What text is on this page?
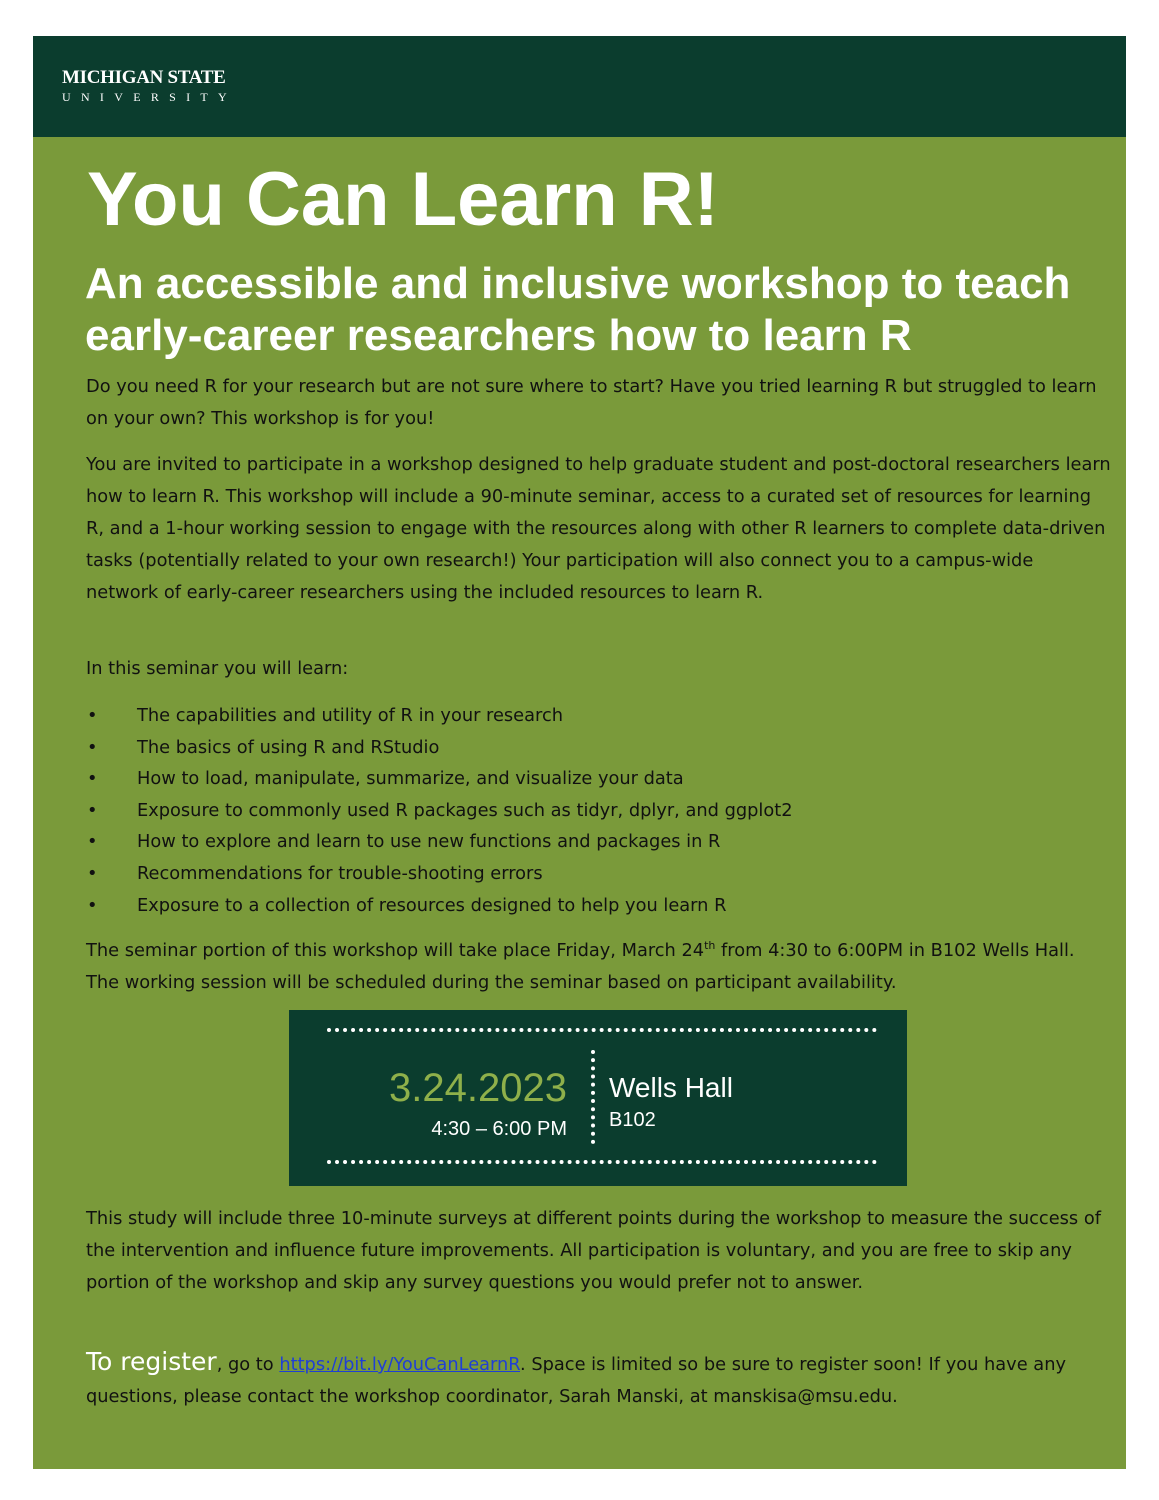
MICHIGAN STATE
UNIVERSITY
You Can Learn R!
An accessible and inclusive workshop to teach early-career researchers how to learn R

Do you need R for your research but are not sure where to start? Have you tried learning R but struggled to learn on your own? This workshop is for you!

You are invited to participate in a workshop designed to help graduate student and post-doctoral researchers learn how to learn R. This workshop will include a 90-minute seminar, access to a curated set of resources for learning R, and a 1-hour working session to engage with the resources along with other R learners to complete data-driven tasks (potentially related to your own research!) Your participation will also connect you to a campus-wide network of early-career researchers using the included resources to learn R.

In this seminar you will learn:

• The capabilities and utility of R in your research
• The basics of using R and RStudio
• How to load, manipulate, summarize, and visualize your data
• Exposure to commonly used R packages such as tidyr, dplyr, and ggplot2
• How to explore and learn to use new functions and packages in R
• Recommendations for trouble-shooting errors
• Exposure to a collection of resources designed to help you learn R

The seminar portion of this workshop will take place Friday, March 24th from 4:30 to 6:00PM in B102 Wells Hall. The working session will be scheduled during the seminar based on participant availability.

3.24.2023
4:30 – 6:00 PM
Wells Hall
B102

This study will include three 10-minute surveys at different points during the workshop to measure the success of the intervention and influence future improvements. All participation is voluntary, and you are free to skip any portion of the workshop and skip any survey questions you would prefer not to answer.

To register, go to https://bit.ly/YouCanLearnR. Space is limited so be sure to register soon! If you have any questions, please contact the workshop coordinator, Sarah Manski, at manskisa@msu.edu.
